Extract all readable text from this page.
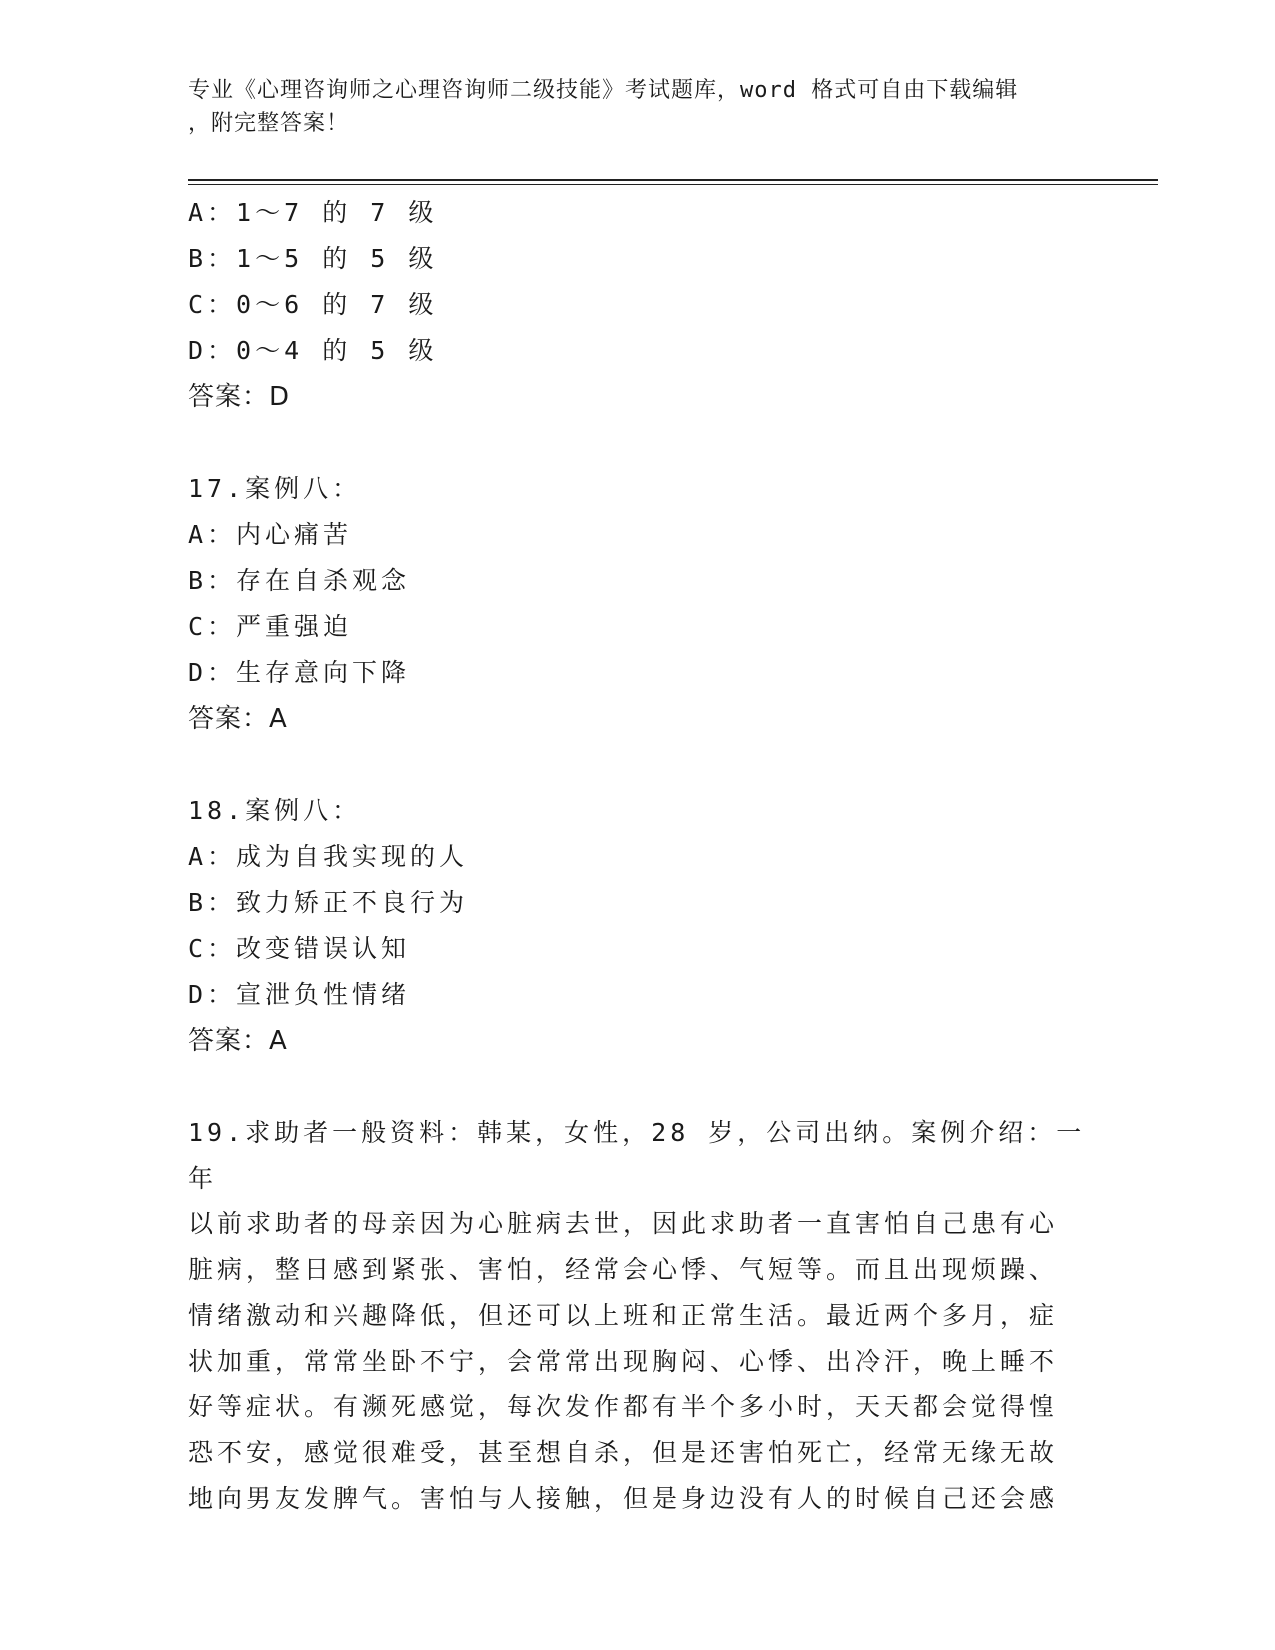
专业《心理咨询师之心理咨询师二级技能》考试题库，word 格式可自由下载编辑
，附完整答案！
A：1～7 的 7 级
B：1～5 的 5 级
C：0～6 的 7 级
D：0～4 的 5 级
答案：D
17.案例八：
A：内心痛苦
B：存在自杀观念
C：严重强迫
D：生存意向下降
答案：A
18.案例八：
A：成为自我实现的人
B：致力矫正不良行为
C：改变错误认知
D：宣泄负性情绪
答案：A
19.求助者一般资料：韩某，女性，28 岁，公司出纳。案例介绍：一年
以前求助者的母亲因为心脏病去世，因此求助者一直害怕自己患有心
脏病，整日感到紧张、害怕，经常会心悸、气短等。而且出现烦躁、
情绪激动和兴趣降低，但还可以上班和正常生活。最近两个多月，症
状加重，常常坐卧不宁，会常常出现胸闷、心悸、出冷汗，晚上睡不
好等症状。有濒死感觉，每次发作都有半个多小时，天天都会觉得惶
恐不安，感觉很难受，甚至想自杀，但是还害怕死亡，经常无缘无故
地向男友发脾气。害怕与人接触，但是身边没有人的时候自己还会感
